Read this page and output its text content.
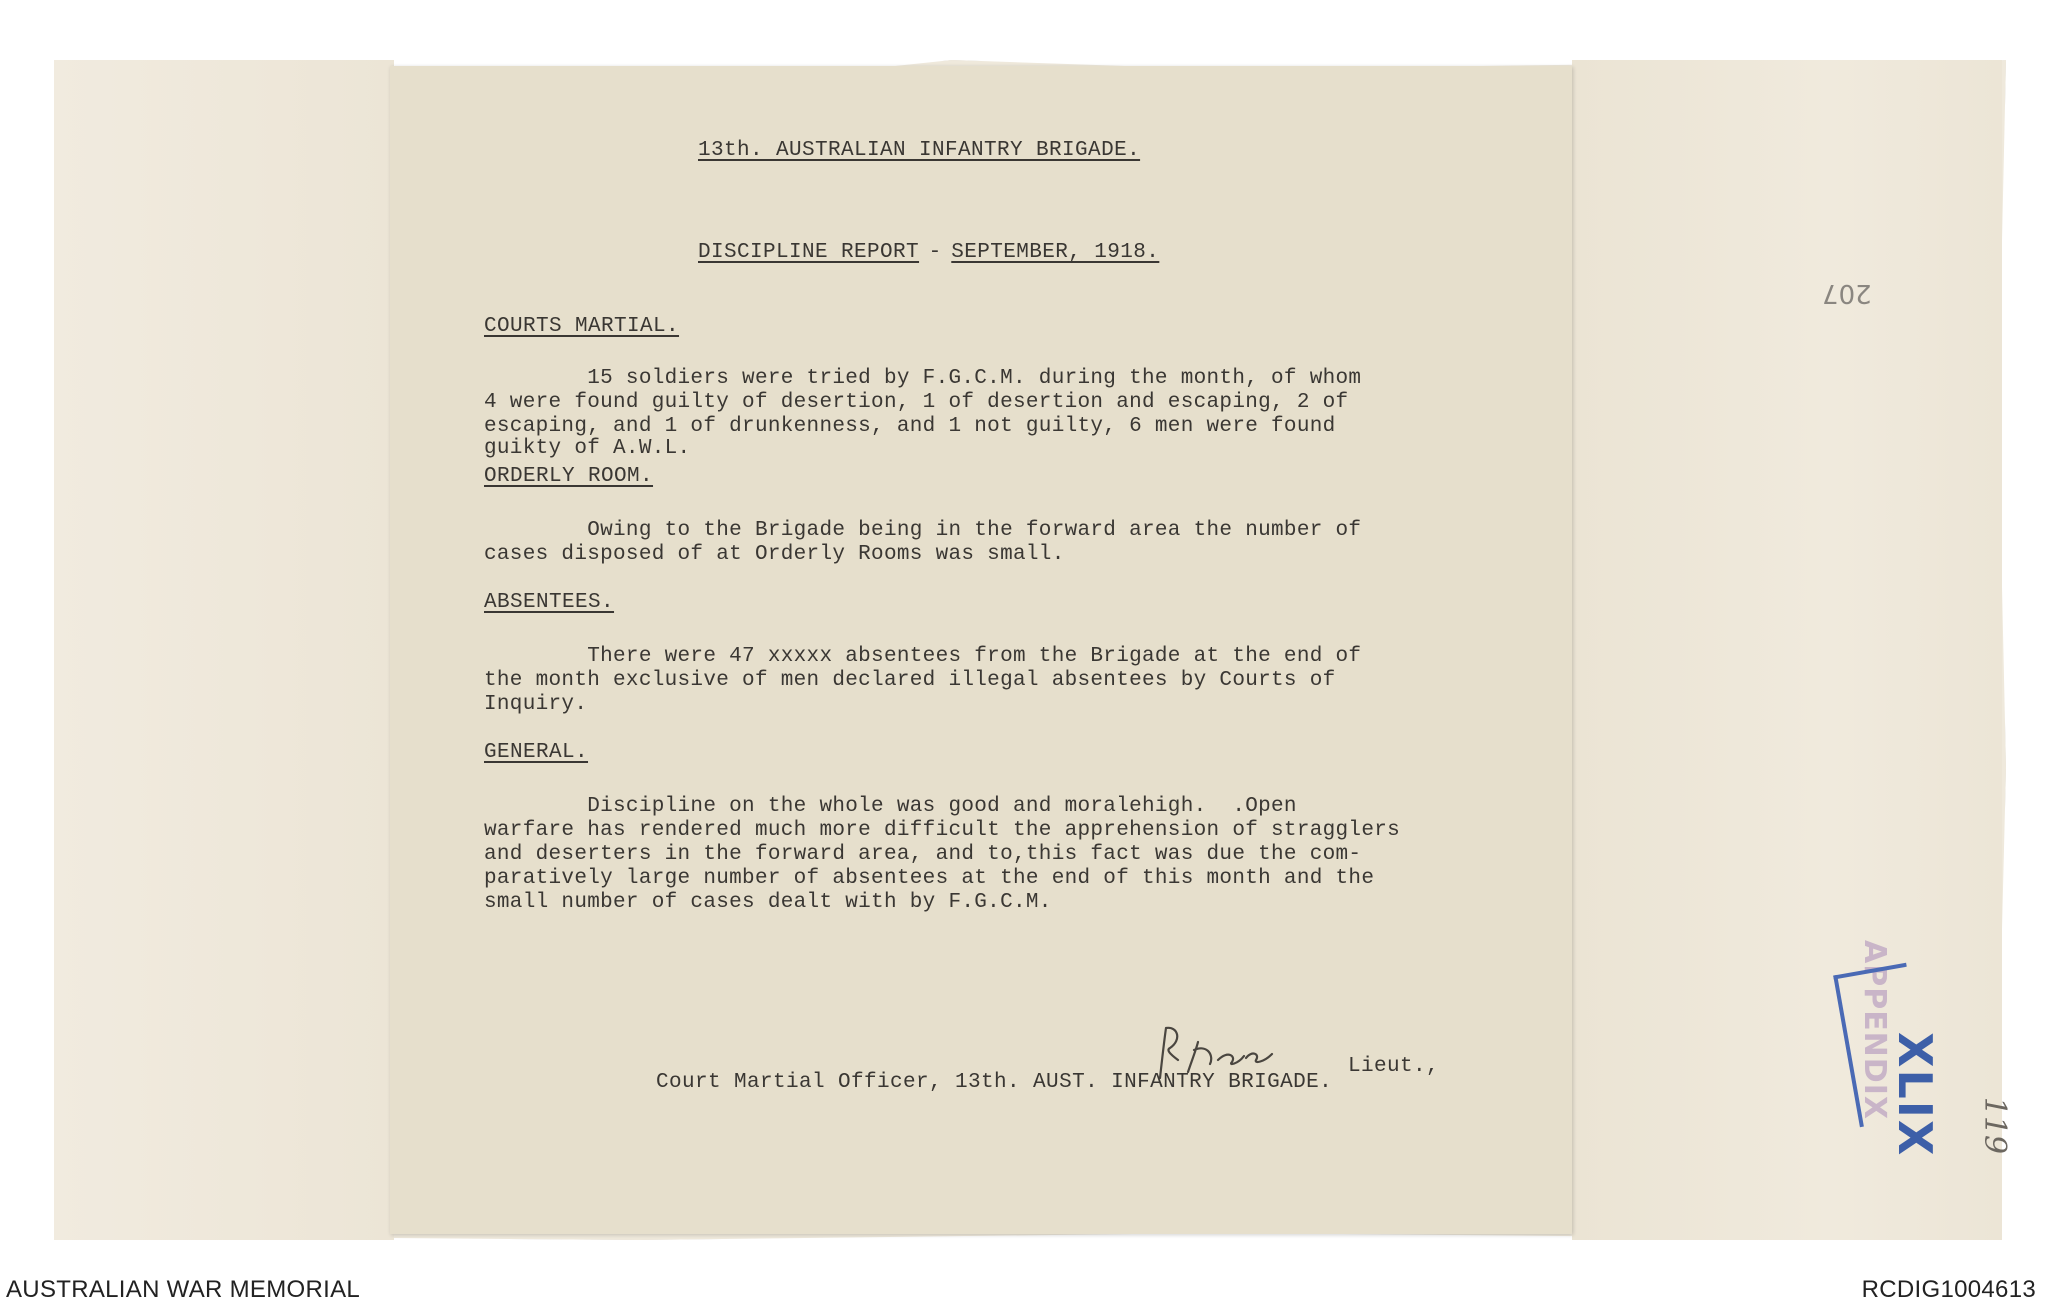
13th. AUSTRALIAN INFANTRY BRIGADE.
DISCIPLINE REPORT - SEPTEMBER, 1918.
COURTS MARTIAL.
15 soldiers were tried by F.G.C.M. during the month, of whom
4 were found guilty of desertion, 1 of desertion and escaping, 2 of
escaping, and 1 of drunkenness, and 1 not guilty, 6 men were found
guikty of A.W.L.
ORDERLY ROOM.
Owing to the Brigade being in the forward area the number of
cases disposed of at Orderly Rooms was small.
ABSENTEES.
There were 47 xxxxx absentees from the Brigade at the end of
the month exclusive of men declared illegal absentees by Courts of
Inquiry.
GENERAL.
Discipline on the whole was good and moralehigh.  .Open
warfare has rendered much more difficult the apprehension of stragglers
and deserters in the forward area, and to,this fact was due the com-
paratively large number of absentees at the end of this month and the
small number of cases dealt with by F.G.C.M.
Lieut.,
Court Martial Officer, 13th. AUST. INFANTRY BRIGADE.
207
APPENDIX
XLIX 119
AUSTRALIAN WAR MEMORIAL	RCDIG1004613
